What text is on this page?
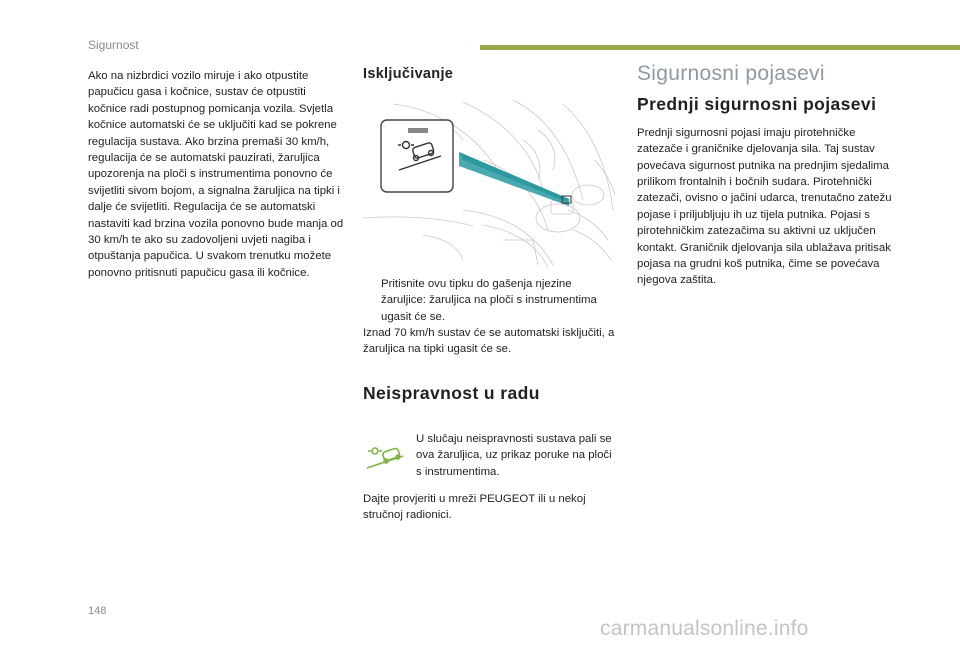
Sigurnost

Ako na nizbrdici vozilo miruje i ako otpustite papučicu gasa i kočnice, sustav će otpustiti kočnice radi postupnog pomicanja vozila. Svjetla kočnice automatski će se uključiti kad se pokrene regulacija sustava. Ako brzina premaši 30 km/h, regulacija će se automatski pauzirati, žaruljica upozorenja na ploči s instrumentima ponovno će svijetliti sivom bojom, a signalna žaruljica na tipki i dalje će svijetliti. Regulacija će se automatski nastaviti kad brzina vozila ponovno bude manja od 30 km/h te ako su zadovoljeni uvjeti nagiba i otpuštanja papučica. U svakom trenutku možete ponovno pritisnuti papučicu gasa ili kočnice.

Isključivanje
Pritisnite ovu tipku do gašenja njezine žaruljice: žaruljica na ploči s instrumentima ugasit će se.
Iznad 70 km/h sustav će se automatski isključiti, a žaruljica na tipki ugasit će se.
Neispravnost u radu
U slučaju neispravnosti sustava pali se ova žaruljica, uz prikaz poruke na ploči s instrumentima.
Dajte provjeriti u mreži PEUGEOT ili u nekoj stručnoj radionici.

Sigurnosni pojasevi

Prednji sigurnosni pojasevi

Prednji sigurnosni pojasi imaju pirotehničke zatezače i graničnike djelovanja sila. Taj sustav povećava sigurnost putnika na prednjim sjedalima prilikom frontalnih i bočnih sudara. Pirotehnički zatezači, ovisno o jačini udarca, trenutačno zatežu pojase i priljubljuju ih uz tijela putnika. Pojasi s pirotehničkim zatezačima su aktivni uz uključen kontakt. Graničnik djelovanja sila ublažava pritisak pojasa na grudni koš putnika, čime se povećava njegova zaštita.

148
carmanualsonline.info
